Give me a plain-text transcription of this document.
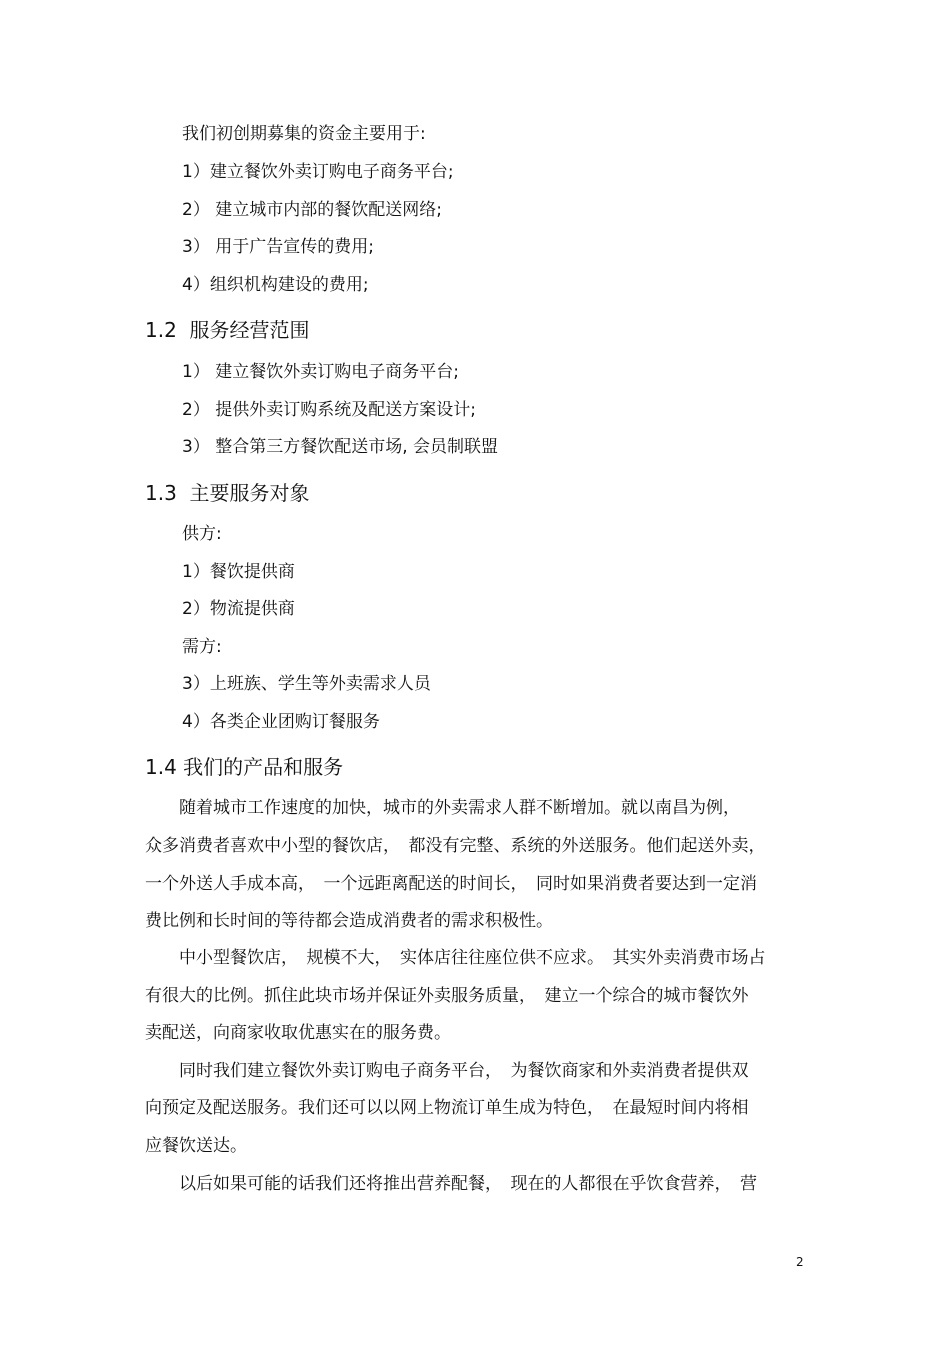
我们初创期募集的资金主要用于:
1）建立餐饮外卖订购电子商务平台;
2） 建立城市内部的餐饮配送网络;
3） 用于广告宣传的费用;
4）组织机构建设的费用;
1.2  服务经营范围
1） 建立餐饮外卖订购电子商务平台;
2） 提供外卖订购系统及配送方案设计;
3） 整合第三方餐饮配送市场, 会员制联盟
1.3  主要服务对象
供方:
1）餐饮提供商
2）物流提供商
需方:
3）上班族、学生等外卖需求人员
4）各类企业团购订餐服务
1.4 我们的产品和服务
　　随着城市工作速度的加快，城市的外卖需求人群不断增加。就以南昌为例，
众多消费者喜欢中小型的餐饮店，　都没有完整、系统的外送服务。他们起送外卖，
一个外送人手成本高，　一个远距离配送的时间长，　同时如果消费者要达到一定消
费比例和长时间的等待都会造成消费者的需求积极性。
　　中小型餐饮店，　规模不大，　实体店往往座位供不应求。　其实外卖消费市场占
有很大的比例。抓住此块市场并保证外卖服务质量，　建立一个综合的城市餐饮外
卖配送，向商家收取优惠实在的服务费。
　　同时我们建立餐饮外卖订购电子商务平台，　为餐饮商家和外卖消费者提供双
向预定及配送服务。我们还可以以网上物流订单生成为特色，　在最短时间内将相
应餐饮送达。
　　以后如果可能的话我们还将推出营养配餐，　现在的人都很在乎饮食营养，　营
2
